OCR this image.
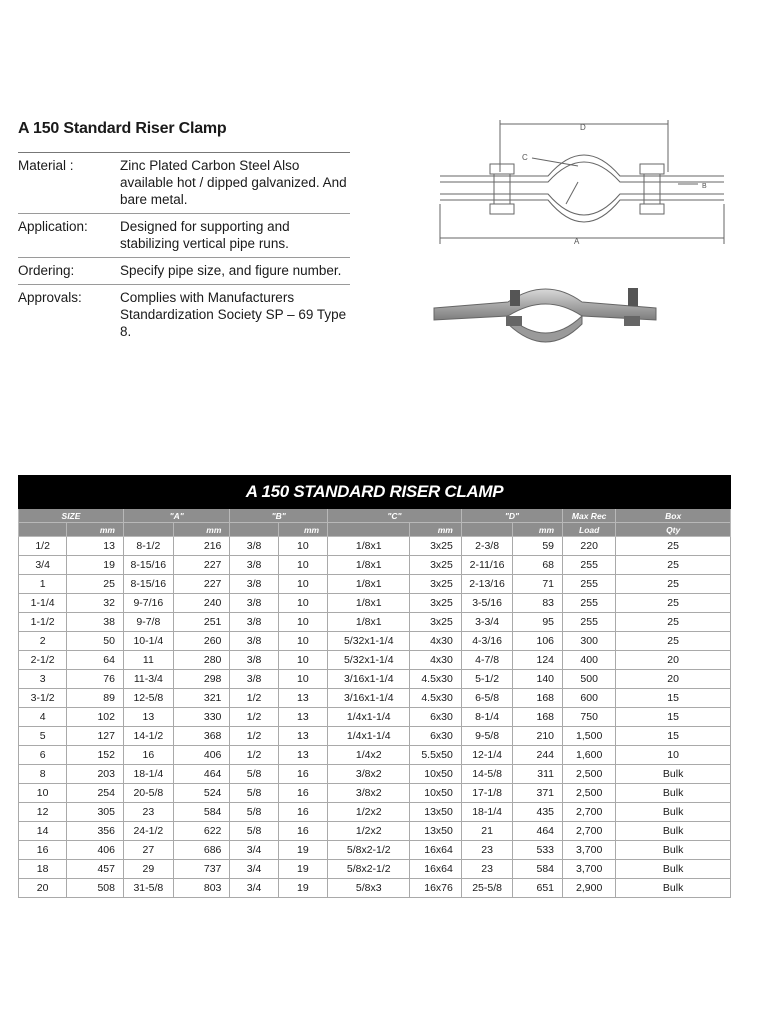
A 150 Standard Riser Clamp
Material :	Zinc Plated Carbon Steel Also available hot / dipped galvanized. And bare metal.
Application:	Designed for supporting and stabilizing vertical pipe runs.
Ordering:	Specify pipe size, and figure number.
Approvals:	Complies with Manufacturers Standardization Society SP – 69 Type 8.
D
C
B
A
A 150 STANDARD RISER CLAMP											
SIZE		"A"		"B"		"C"		"D"		Max Rec	Box
	mm		mm		mm		mm		mm	Load	Qty
1/2	13	8-1/2	216	3/8	10	1/8x1	3x25	2-3/8	59	220	25
3/4	19	8-15/16	227	3/8	10	1/8x1	3x25	2-11/16	68	255	25
1	25	8-15/16	227	3/8	10	1/8x1	3x25	2-13/16	71	255	25
1-1/4	32	9-7/16	240	3/8	10	1/8x1	3x25	3-5/16	83	255	25
1-1/2	38	9-7/8	251	3/8	10	1/8x1	3x25	3-3/4	95	255	25
2	50	10-1/4	260	3/8	10	5/32x1-1/4	4x30	4-3/16	106	300	25
2-1/2	64	11	280	3/8	10	5/32x1-1/4	4x30	4-7/8	124	400	20
3	76	11-3/4	298	3/8	10	3/16x1-1/4	4.5x30	5-1/2	140	500	20
3-1/2	89	12-5/8	321	1/2	13	3/16x1-1/4	4.5x30	6-5/8	168	600	15
4	102	13	330	1/2	13	1/4x1-1/4	6x30	8-1/4	168	750	15
5	127	14-1/2	368	1/2	13	1/4x1-1/4	6x30	9-5/8	210	1,500	15
6	152	16	406	1/2	13	1/4x2	5.5x50	12-1/4	244	1,600	10
8	203	18-1/4	464	5/8	16	3/8x2	10x50	14-5/8	311	2,500	Bulk
10	254	20-5/8	524	5/8	16	3/8x2	10x50	17-1/8	371	2,500	Bulk
12	305	23	584	5/8	16	1/2x2	13x50	18-1/4	435	2,700	Bulk
14	356	24-1/2	622	5/8	16	1/2x2	13x50	21	464	2,700	Bulk
16	406	27	686	3/4	19	5/8x2-1/2	16x64	23	533	3,700	Bulk
18	457	29	737	3/4	19	5/8x2-1/2	16x64	23	584	3,700	Bulk
20	508	31-5/8	803	3/4	19	5/8x3	16x76	25-5/8	651	2,900	Bulk
